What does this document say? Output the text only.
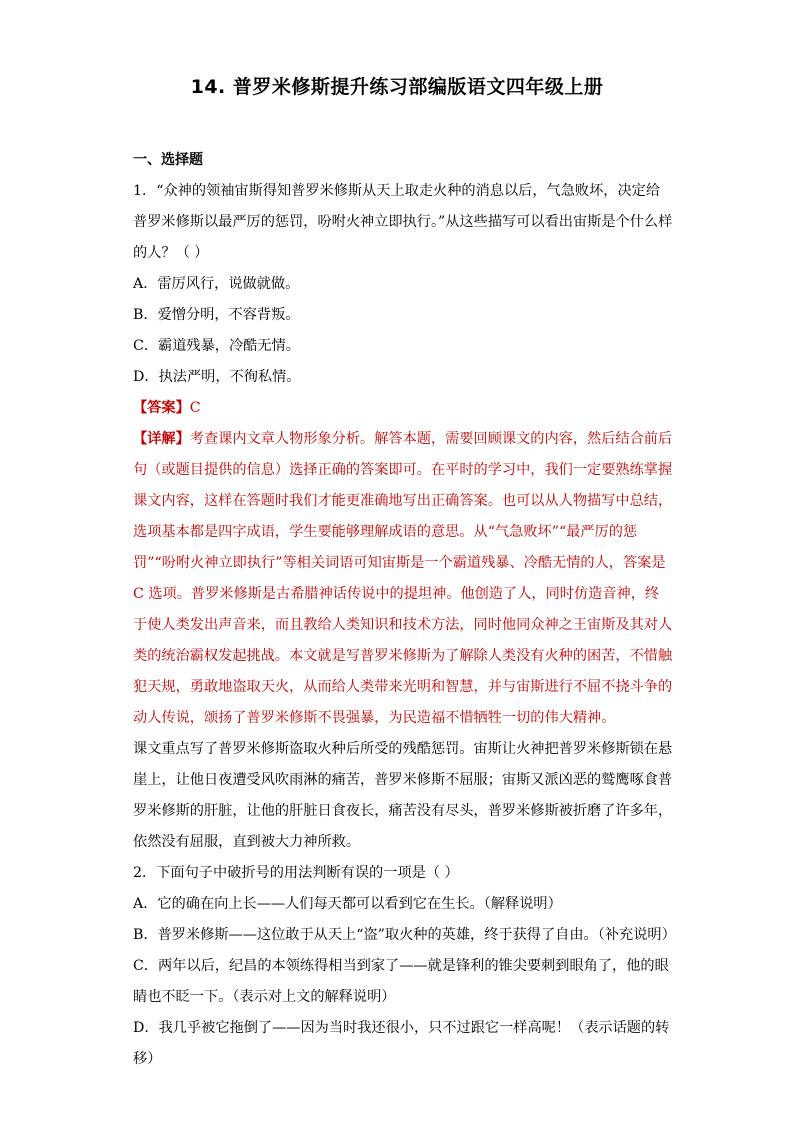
14. 普罗米修斯提升练习部编版语文四年级上册

一、选择题

1．“众神的领袖宙斯得知普罗米修斯从天上取走火种的消息以后，气急败坏，决定给普罗米修斯以最严厉的惩罚，吩咐火神立即执行。”从这些描写可以看出宙斯是个什么样的人？（ ）

A．雷厉风行，说做就做。

B．爱憎分明，不容背叛。

C．霸道残暴，冷酷无情。

D．执法严明，不徇私情。

【答案】C

【详解】考查课内文章人物形象分析。解答本题，需要回顾课文的内容，然后结合前后句（或题目提供的信息）选择正确的答案即可。在平时的学习中，我们一定要熟练掌握课文内容，这样在答题时我们才能更准确地写出正确答案。也可以从人物描写中总结，选项基本都是四字成语，学生要能够理解成语的意思。从“气急败坏”“最严厉的惩罚”“吩咐火神立即执行”等相关词语可知宙斯是一个霸道残暴、冷酷无情的人，答案是 C 选项。普罗米修斯是古希腊神话传说中的提坦神。他创造了人，同时仿造音神，终于使人类发出声音来，而且教给人类知识和技术方法，同时他同众神之王宙斯及其对人类的统治霸权发起挑战。本文就是写普罗米修斯为了解除人类没有火种的困苦，不惜触犯天规，勇敢地盗取天火，从而给人类带来光明和智慧，并与宙斯进行不屈不挠斗争的动人传说，颂扬了普罗米修斯不畏强暴，为民造福不惜牺牲一切的伟大精神。

课文重点写了普罗米修斯盗取火种后所受的残酷惩罚。宙斯让火神把普罗米修斯锁在悬崖上，让他日夜遭受风吹雨淋的痛苦，普罗米修斯不屈服；宙斯又派凶恶的鹫鹰啄食普罗米修斯的肝脏，让他的肝脏日食夜长，痛苦没有尽头，普罗米修斯被折磨了许多年，依然没有屈服，直到被大力神所救。

2．下面句子中破折号的用法判断有误的一项是（ ）

A．它的确在向上长——人们每天都可以看到它在生长。（解释说明）

B．普罗米修斯——这位敢于从天上“盗”取火种的英雄，终于获得了自由。（补充说明）

C．两年以后，纪昌的本领练得相当到家了——就是锋利的锥尖要刺到眼角了，他的眼睛也不眨一下。（表示对上文的解释说明）

D．我几乎被它拖倒了——因为当时我还很小，只不过跟它一样高呢！（表示话题的转移）
